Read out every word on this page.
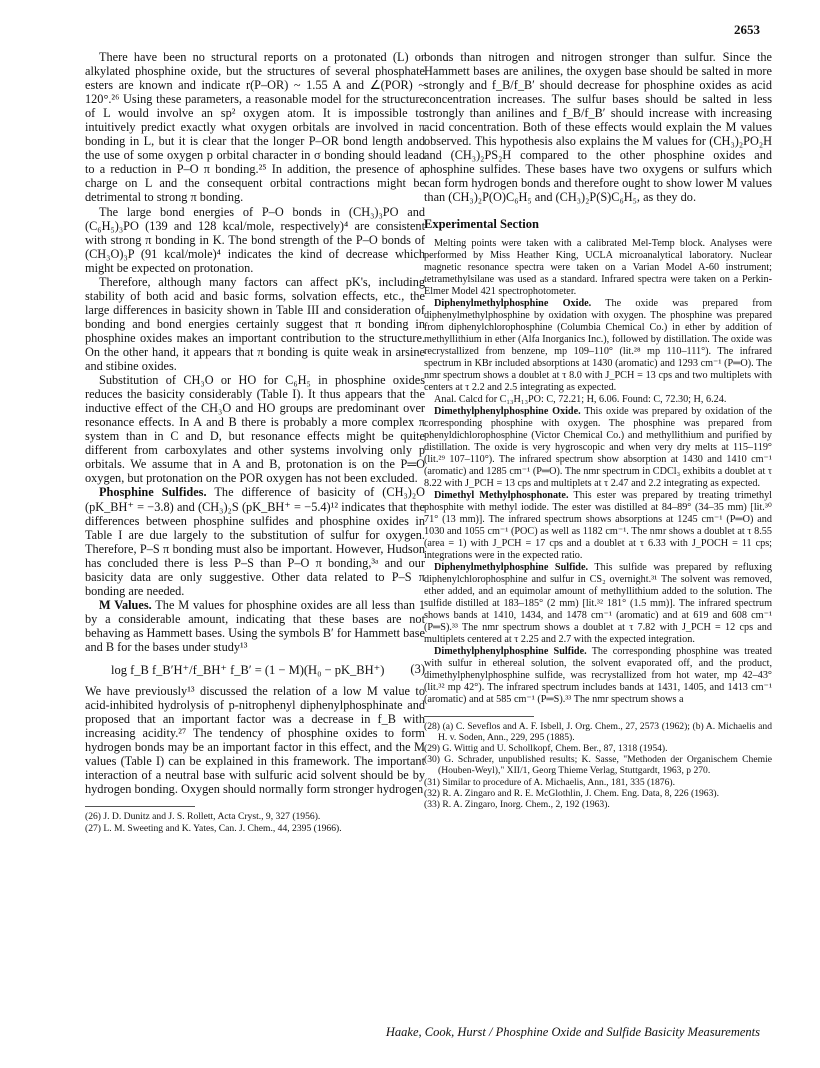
2653

There have been no structural reports on a protonated (L) or alkylated phosphine oxide, but the structures of several phosphate esters are known and indicate r(P–OR) ~ 1.55 A and ∠(POR) ~ 120°.²⁶ Using these parameters, a reasonable model for the structure of L would involve an sp² oxygen atom. It is impossible to intuitively predict exactly what oxygen orbitals are involved in π bonding in L, but it is clear that the longer P–OR bond length and the use of some oxygen p orbital character in σ bonding should lead to a reduction in P–O π bonding.²⁵ In addition, the presence of a charge on L and the consequent orbital contractions might be detrimental to strong π bonding.

The large bond energies of P–O bonds in (CH₃)₃PO and (C₆H₅)₃PO (139 and 128 kcal/mole, respectively)⁴ are consistent with strong π bonding in K. The bond strength of the P–O bonds of (CH₃O)₃P (91 kcal/mole)⁴ indicates the kind of decrease which might be expected on protonation.

Therefore, although many factors can affect pK's, including stability of both acid and basic forms, solvation effects, etc., the large differences in basicity shown in Table III and consideration of bonding and bond energies certainly suggest that π bonding in phosphine oxides makes an important contribution to the structure. On the other hand, it appears that π bonding is quite weak in arsine and stibine oxides.

Substitution of CH₃O or HO for C₆H₅ in phosphine oxides reduces the basicity considerably (Table I). It thus appears that the inductive effect of the CH₃O and HO groups are predominant over resonance effects. In A and B there is probably a more complex π system than in C and D, but resonance effects might be quite different from carboxylates and other systems involving only p orbitals. We assume that in A and B, protonation is on the P═O oxygen, but protonation on the POR oxygen has not been excluded.

Phosphine Sulfides. The difference of basicity of (CH₃)₂O (pK_BH⁺ = −3.8) and (CH₃)₂S (pK_BH⁺ = −5.4)¹² indicates that the differences between phosphine sulfides and phosphine oxides in Table I are due largely to the substitution of sulfur for oxygen. Therefore, P–S π bonding must also be important. However, Hudson has concluded there is less P–S than P–O π bonding,³ᵃ and our basicity data are only suggestive. Other data related to P–S π bonding are needed.

M Values. The M values for phosphine oxides are all less than 1 by a considerable amount, indicating that these bases are not behaving as Hammett bases. Using the symbols B′ for Hammett base and B for the bases under study¹³

log f_B f_B′H⁺/f_BH⁺ f_B′ = (1 − M)(H₀ − pK_BH⁺) (3)

We have previously¹³ discussed the relation of a low M value to acid-inhibited hydrolysis of p-nitrophenyl diphenylphosphinate and proposed that an important factor was a decrease in f_B with increasing acidity.²⁷ The tendency of phosphine oxides to form hydrogen bonds may be an important factor in this effect, and the M values (Table I) can be explained in this framework. The important interaction of a neutral base with sulfuric acid solvent should be by hydrogen bonding. Oxygen should normally form stronger hydrogen

(26) J. D. Dunitz and J. S. Rollett, Acta Cryst., 9, 327 (1956).

(27) L. M. Sweeting and K. Yates, Can. J. Chem., 44, 2395 (1966).

bonds than nitrogen and nitrogen stronger than sulfur. Since the Hammett bases are anilines, the oxygen base should be salted in more strongly and f_B/f_B′ should decrease for phosphine oxides as acid concentration increases. The sulfur bases should be salted in less strongly than anilines and f_B/f_B′ should increase with increasing acid concentration. Both of these effects would explain the M values observed. This hypothesis also explains the M values for (CH₃)₂PO₂H and (CH₃)₂PS₂H compared to the other phosphine oxides and phosphine sulfides. These bases have two oxygens or sulfurs which can form hydrogen bonds and therefore ought to show lower M values than (CH₃)₂P(O)C₆H₅ and (CH₃)₂P(S)C₆H₅, as they do.

Experimental Section

Melting points were taken with a calibrated Mel-Temp block. Analyses were performed by Miss Heather King, UCLA microanalytical laboratory. Nuclear magnetic resonance spectra were taken on a Varian Model A-60 instrument; tetramethylsilane was used as a standard. Infrared spectra were taken on a Perkin-Elmer Model 421 spectrophotometer.

Diphenylmethylphosphine Oxide. The oxide was prepared from diphenylmethylphosphine by oxidation with oxygen. The phosphine was prepared from diphenylchlorophosphine (Columbia Chemical Co.) in ether by addition of methyllithium in ether (Alfa Inorganics Inc.), followed by distillation. The oxide was recrystallized from benzene, mp 109–110° (lit.²⁸ mp 110–111°). The infrared spectrum in KBr included absorptions at 1430 (aromatic) and 1293 cm⁻¹ (P═O). The nmr spectrum shows a doublet at τ 8.0 with J_PCH = 13 cps and two multiplets with centers at τ 2.2 and 2.5 integrating as expected.

Anal. Calcd for C₁₃H₁₃PO: C, 72.21; H, 6.06. Found: C, 72.30; H, 6.24.

Dimethylphenylphosphine Oxide. This oxide was prepared by oxidation of the corresponding phosphine with oxygen. The phosphine was prepared from phenyldichlorophosphine (Victor Chemical Co.) and methyllithium and purified by distillation. The oxide is very hygroscopic and when very dry melts at 115–119° (lit.²⁹ 107–110°). The infrared spectrum show absorption at 1430 and 1410 cm⁻¹ (aromatic) and 1285 cm⁻¹ (P═O). The nmr spectrum in CDCl₃ exhibits a doublet at τ 8.22 with J_PCH = 13 cps and multiplets at τ 2.47 and 2.2 integrating as expected.

Dimethyl Methylphosphonate. This ester was prepared by treating trimethyl phosphite with methyl iodide. The ester was distilled at 84–89° (34–35 mm) [lit.³⁰ 71° (13 mm)]. The infrared spectrum shows absorptions at 1245 cm⁻¹ (P═O) and 1030 and 1055 cm⁻¹ (POC) as well as 1182 cm⁻¹. The nmr shows a doublet at τ 8.55 (area = 1) with J_PCH = 17 cps and a doublet at τ 6.33 with J_POCH = 11 cps; integrations were in the expected ratio.

Diphenylmethylphosphine Sulfide. This sulfide was prepared by refluxing diphenylchlorophosphine and sulfur in CS₂ overnight.³¹ The solvent was removed, ether added, and an equimolar amount of methyllithium added to the solution. The sulfide distilled at 183–185° (2 mm) [lit.³² 181° (1.5 mm)]. The infrared spectrum shows bands at 1410, 1434, and 1478 cm⁻¹ (aromatic) and at 619 and 608 cm⁻¹ (P═S).³³ The nmr spectrum shows a doublet at τ 7.82 with J_PCH = 12 cps and multiplets centered at τ 2.25 and 2.7 with the expected integration.

Dimethylphenylphosphine Sulfide. The corresponding phosphine was treated with sulfur in ethereal solution, the solvent evaporated off, and the product, dimethylphenylphosphine sulfide, was recrystallized from hot water, mp 42–43° (lit.³² mp 42°). The infrared spectrum includes bands at 1431, 1405, and 1413 cm⁻¹ (aromatic) and at 585 cm⁻¹ (P═S).³³ The nmr spectrum shows a

(28) (a) C. Seveflos and A. F. Isbell, J. Org. Chem., 27, 2573 (1962); (b) A. Michaelis and H. v. Soden, Ann., 229, 295 (1885).

(29) G. Wittig and U. Schollkopf, Chem. Ber., 87, 1318 (1954).

(30) G. Schrader, unpublished results; K. Sasse, "Methoden der Organischem Chemie (Houben-Weyl)," XII/1, Georg Thieme Verlag, Stuttgardt, 1963, p 270.

(31) Similar to procedure of A. Michaelis, Ann., 181, 335 (1876).

(32) R. A. Zingaro and R. E. McGlothlin, J. Chem. Eng. Data, 8, 226 (1963).

(33) R. A. Zingaro, Inorg. Chem., 2, 192 (1963).

Haake, Cook, Hurst / Phosphine Oxide and Sulfide Basicity Measurements
